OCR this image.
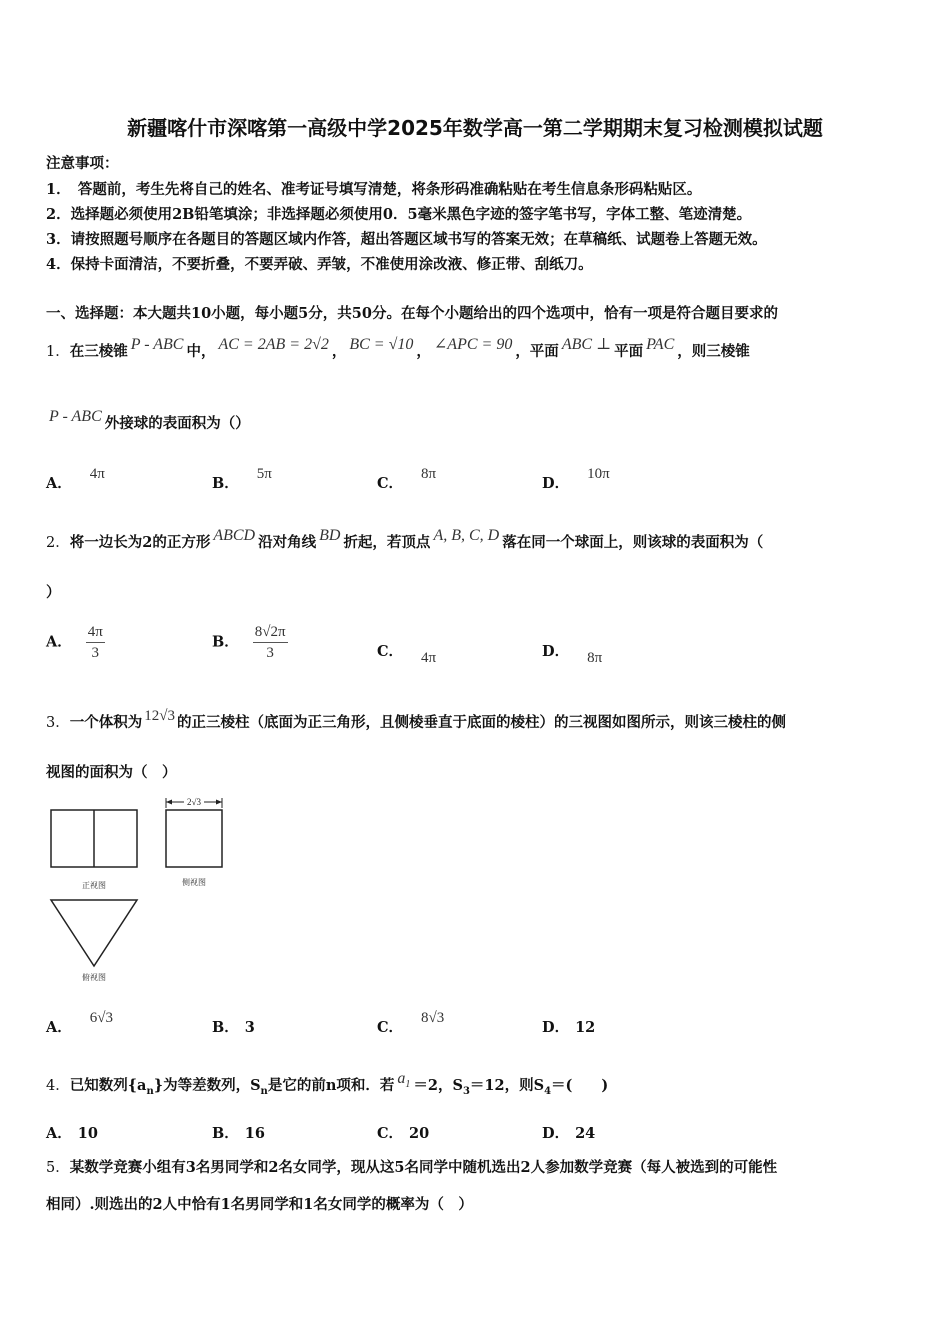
新疆喀什市深喀第一高级中学2025年数学高一第二学期期末复习检测模拟试题
注意事项：
1．　答题前，考生先将自己的姓名、准考证号填写清楚，将条形码准确粘贴在考生信息条形码粘贴区。
2．选择题必须使用2B铅笔填涂；非选择题必须使用0．5毫米黑色字迹的签字笔书写，字体工整、笔迹清楚。
3．请按照题号顺序在各题目的答题区域内作答，超出答题区域书写的答案无效；在草稿纸、试题卷上答题无效。
4．保持卡面清洁，不要折叠，不要弄破、弄皱，不准使用涂改液、修正带、刮纸刀。
一、选择题：本大题共10小题，每小题5分，共50分。在每个小题给出的四个选项中，恰有一项是符合题目要求的
1．在三棱锥 P - ABC 中， AC = 2AB = 2√2 ， BC = √10 ， ∠APC = 90 ，平面 ABC ⊥ 平面 PAC ，则三棱锥
P - ABC 外接球的表面积为（）
A．4π
B．5π
C．8π
D．10π
2．将一边长为2的正方形 ABCD 沿对角线 BD 折起，若顶点 A, B, C, D 落在同一个球面上，则该球的表面积为（
）
A． $\frac{4\pi}{3}$	B． $\frac{8√2\pi}{3}$	C． 4π	D． 8π
3．一个体积为 12√3 的正三棱柱（底面为正三角形，且侧棱垂直于底面的棱柱）的三视图如图所示，则该三棱柱的侧
视图的面积为（　）
正视图
2√3
侧视图
俯视图
A．6√3
B． 3	C．8√3
D． 12
4．已知数列$\{a_n\}$为等差数列，$S_n$是它的前n项和．若 $a_1 =2$，$S_3=12$，则$S_4=$(　　)
A． 10	B． 16	C． 20	D． 24
5．某数学竞赛小组有3名男同学和2名女同学，现从这5名同学中随机选出2人参加数学竞赛（每人被选到的可能性
相同）.则选出的2人中恰有1名男同学和1名女同学的概率为（　）
